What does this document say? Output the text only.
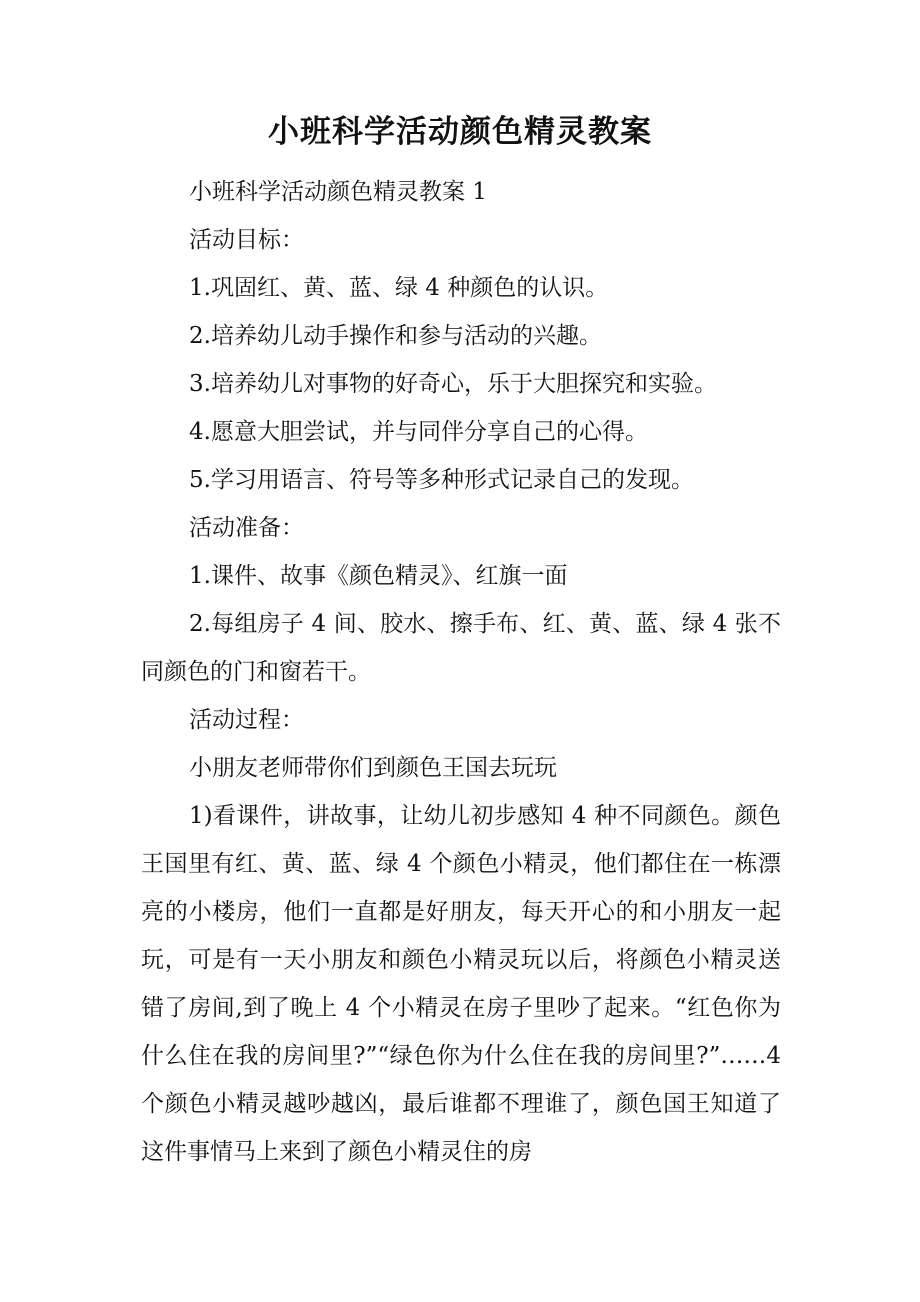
小班科学活动颜色精灵教案

小班科学活动颜色精灵教案 1

活动目标：

1.巩固红、黄、蓝、绿 4 种颜色的认识。

2.培养幼儿动手操作和参与活动的兴趣。

3.培养幼儿对事物的好奇心，乐于大胆探究和实验。

4.愿意大胆尝试，并与同伴分享自己的心得。

5.学习用语言、符号等多种形式记录自己的发现。

活动准备：

1.课件、故事《颜色精灵》、红旗一面

2.每组房子 4 间、胶水、擦手布、红、黄、蓝、绿 4 张不同颜色的门和窗若干。

活动过程：

小朋友老师带你们到颜色王国去玩玩

1)看课件，讲故事，让幼儿初步感知 4 种不同颜色。颜色王国里有红、黄、蓝、绿 4 个颜色小精灵，他们都住在一栋漂亮的小楼房，他们一直都是好朋友，每天开心的和小朋友一起玩，可是有一天小朋友和颜色小精灵玩以后，将颜色小精灵送错了房间,到了晚上 4 个小精灵在房子里吵了起来。“红色你为什么住在我的房间里?”“绿色你为什么住在我的房间里?”……4 个颜色小精灵越吵越凶，最后谁都不理谁了，颜色国王知道了这件事情马上来到了颜色小精灵住的房
